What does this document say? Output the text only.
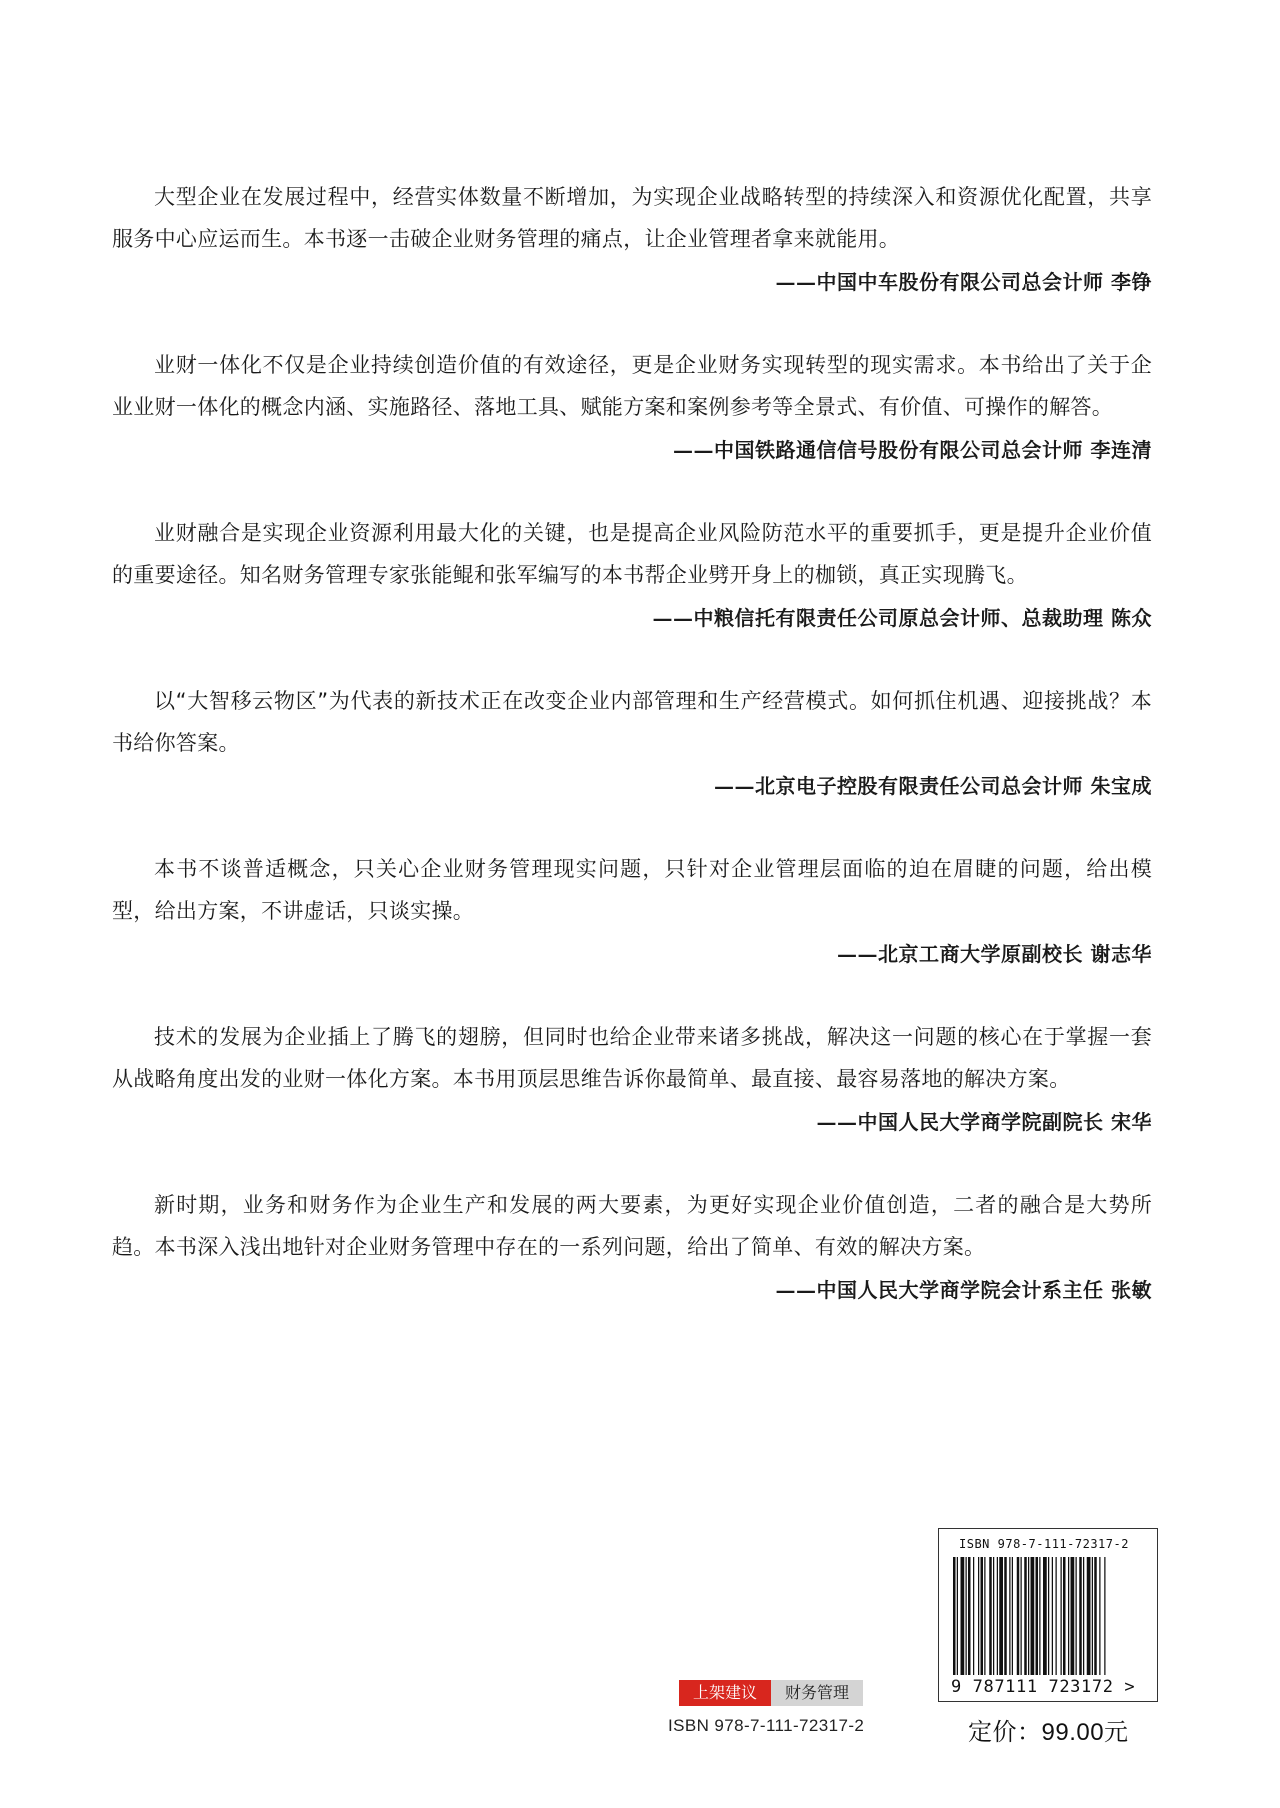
大型企业在发展过程中，经营实体数量不断增加，为实现企业战略转型的持续深入和资源优化配置，共享服务中心应运而生。本书逐一击破企业财务管理的痛点，让企业管理者拿来就能用。

——中国中车股份有限公司总会计师 李铮

业财一体化不仅是企业持续创造价值的有效途径，更是企业财务实现转型的现实需求。本书给出了关于企业业财一体化的概念内涵、实施路径、落地工具、赋能方案和案例参考等全景式、有价值、可操作的解答。

——中国铁路通信信号股份有限公司总会计师 李连清

业财融合是实现企业资源利用最大化的关键，也是提高企业风险防范水平的重要抓手，更是提升企业价值的重要途径。知名财务管理专家张能鲲和张军编写的本书帮企业劈开身上的枷锁，真正实现腾飞。

——中粮信托有限责任公司原总会计师、总裁助理 陈众

以“大智移云物区”为代表的新技术正在改变企业内部管理和生产经营模式。如何抓住机遇、迎接挑战？本书给你答案。

——北京电子控股有限责任公司总会计师 朱宝成

本书不谈普适概念，只关心企业财务管理现实问题，只针对企业管理层面临的迫在眉睫的问题，给出模型，给出方案，不讲虚话，只谈实操。

——北京工商大学原副校长 谢志华

技术的发展为企业插上了腾飞的翅膀，但同时也给企业带来诸多挑战，解决这一问题的核心在于掌握一套从战略角度出发的业财一体化方案。本书用顶层思维告诉你最简单、最直接、最容易落地的解决方案。

——中国人民大学商学院副院长 宋华

新时期，业务和财务作为企业生产和发展的两大要素，为更好实现企业价值创造，二者的融合是大势所趋。本书深入浅出地针对企业财务管理中存在的一系列问题，给出了简单、有效的解决方案。

——中国人民大学商学院会计系主任 张敏

上架建议	财务管理
ISBN 978-7-111-72317-2
ISBN 978-7-111-72317-2
9 787111 723172 >
定价：99.00元
